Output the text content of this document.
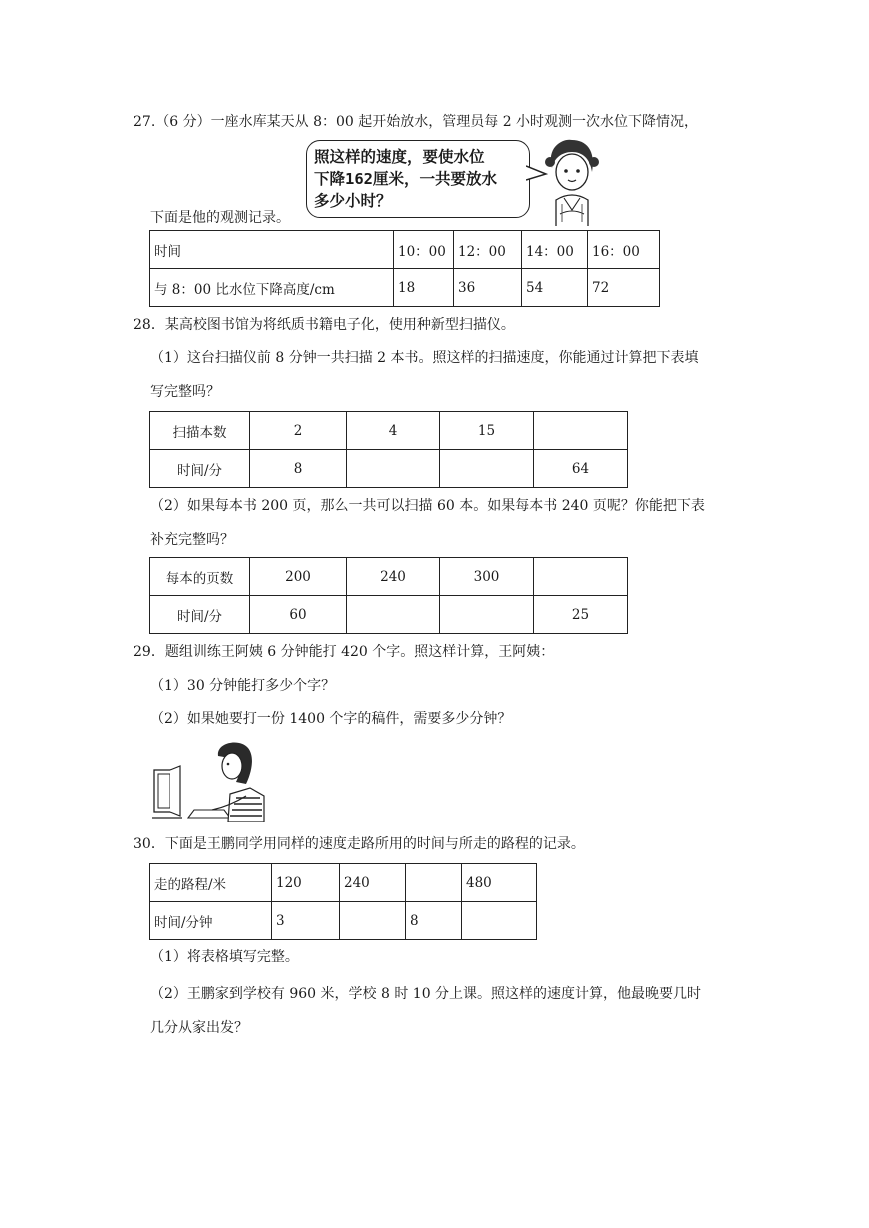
27.（6 分）一座水库某天从 8：00 起开始放水，管理员每 2 小时观测一次水位下降情况，
照这样的速度，要使水位
下降162厘米，一共要放水
多少小时？
下面是他的观测记录。
时间	10：00	12：00	14：00	16：00
与 8：00 比水位下降高度/cm	18	36	54	72
28．某高校图书馆为将纸质书籍电子化，使用种新型扫描仪。
（1）这台扫描仪前 8 分钟一共扫描 2 本书。照这样的扫描速度，你能通过计算把下表填
写完整吗？
扫描本数	2	4	15	
时间/分	8			64
（2）如果每本书 200 页，那么一共可以扫描 60 本。如果每本书 240 页呢？你能把下表
补充完整吗？
每本的页数	200	240	300	
时间/分	60			25
29．题组训练王阿姨 6 分钟能打 420 个字。照这样计算，王阿姨：
（1）30 分钟能打多少个字？
（2）如果她要打一份 1400 个字的稿件，需要多少分钟？
30．下面是王鹏同学用同样的速度走路所用的时间与所走的路程的记录。
走的路程/米	120	240		480
时间/分钟	3		8	
（1）将表格填写完整。
（2）王鹏家到学校有 960 米，学校 8 时 10 分上课。照这样的速度计算，他最晚要几时
几分从家出发？
